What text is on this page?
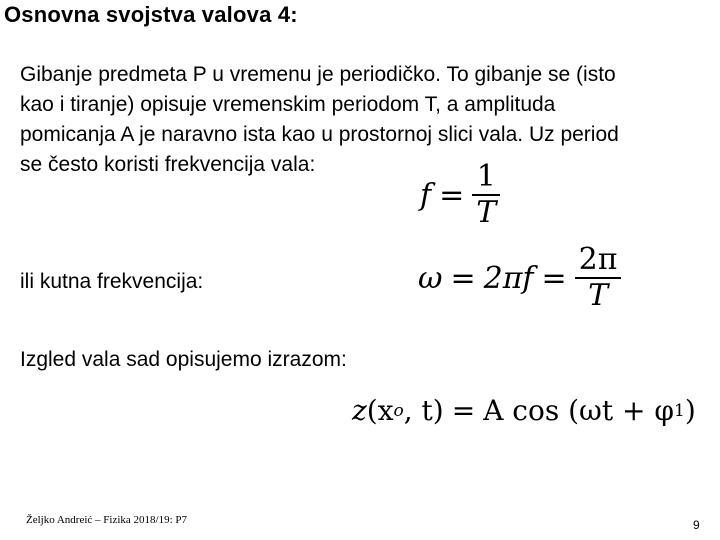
Osnovna svojstva valova 4:
Gibanje predmeta P u vremenu je periodičko. To gibanje se (isto
kao i tiranje) opisuje vremenskim periodom T, a amplituda
pomicanja A je naravno ista kao u prostornoj slici vala. Uz period
se često koristi frekvencija vala:
$f = \frac{1}{T}$
ili kutna frekvencija:	$\omega = 2\pi f = \frac{2\pi}{T}$
Izgled vala sad opisujemo izrazom:
z (x o , t) = A cos (ωt + φ 1 )
Željko Andreić – Fizika 2018/19: P7	9
